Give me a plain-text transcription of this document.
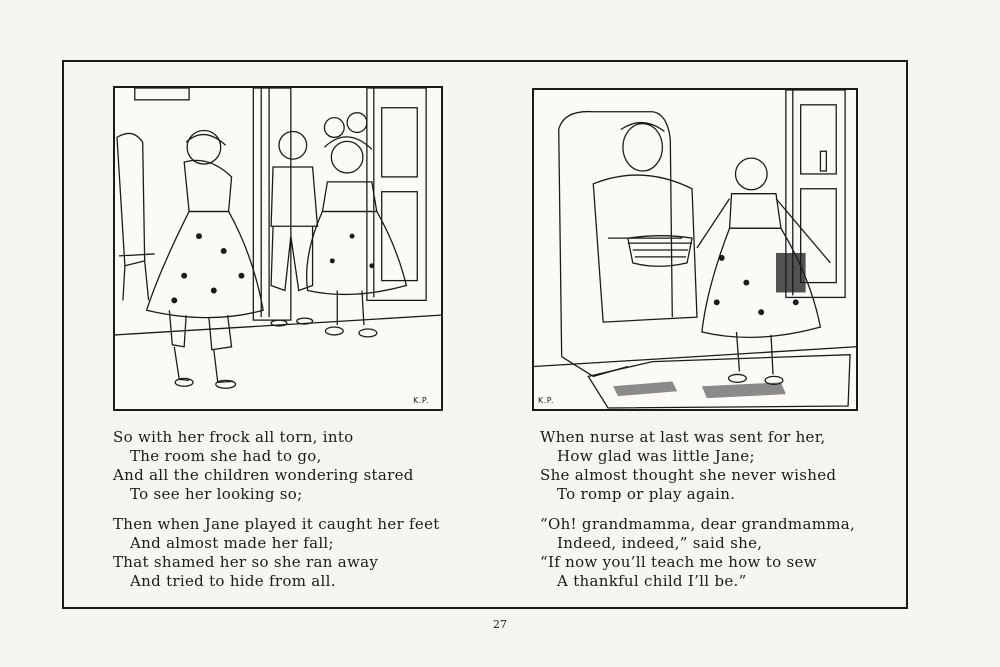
K.P.	K.P.
So with her frock all torn, into
The room she had to go,
And all the children wondering stared
To see her looking so;
Then when Jane played it caught her feet
And almost made her fall;
That shamed her so she ran away
And tried to hide from all.
When nurse at last was sent for her,
How glad was little Jane;
She almost thought she never wished
To romp or play again.
“Oh! grandmamma, dear grandmamma,
Indeed, indeed,” said she,
“If now you’ll teach me how to sew
A thankful child I’ll be.”
27
